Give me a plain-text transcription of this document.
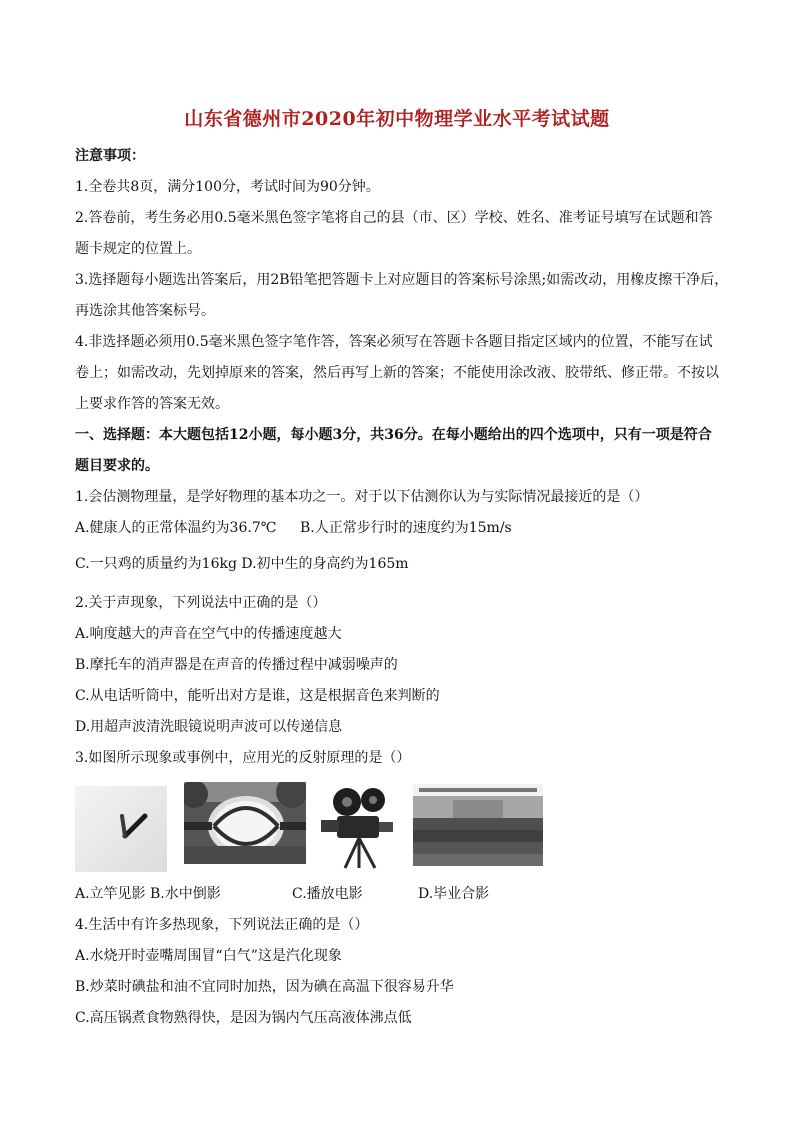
山东省德州市2020年初中物理学业水平考试试题
注意事项：
1.全卷共8页，满分100分，考试时间为90分钟。
2.答卷前，考生务必用0.5毫米黑色签字笔将自己的县（市、区）学校、姓名、准考证号填写在试题和答
题卡规定的位置上。
3.选择题每小题选出答案后，用2B铅笔把答题卡上对应题目的答案标号涂黑;如需改动，用橡皮擦干净后，
再选涂其他答案标号。
4.非选择题必须用0.5毫米黑色签字笔作答，答案必须写在答题卡各题目指定区域内的位置，不能写在试
卷上；如需改动，先划掉原来的答案，然后再写上新的答案；不能使用涂改液、胶带纸、修正带。不按以
上要求作答的答案无效。
一、选择题：本大题包括12小题，每小题3分，共36分。在每小题给出的四个选项中，只有一项是符合
题目要求的。
1.会估测物理量，是学好物理的基本功之一。对于以下估测你认为与实际情况最接近的是（）
A.健康人的正常体温约为36.7℃	B.人正常步行时的速度约为15m/s
C.一只鸡的质量约为16kg D.初中生的身高约为165m
2.关于声现象，下列说法中正确的是（）
A.响度越大的声音在空气中的传播速度越大
B.摩托车的消声器是在声音的传播过程中减弱噪声的
C.从电话听筒中，能听出对方是谁，这是根据音色来判断的
D.用超声波清洗眼镜说明声波可以传递信息
3.如图所示现象或事例中，应用光的反射原理的是（）
A.立竿见影 B.水中倒影	C.播放电影	D.毕业合影
4.生活中有许多热现象，下列说法正确的是（）
A.水烧开时壶嘴周围冒“白气”这是汽化现象
B.炒菜时碘盐和油不宜同时加热，因为碘在高温下很容易升华
C.高压锅煮食物熟得快，是因为锅内气压高液体沸点低
